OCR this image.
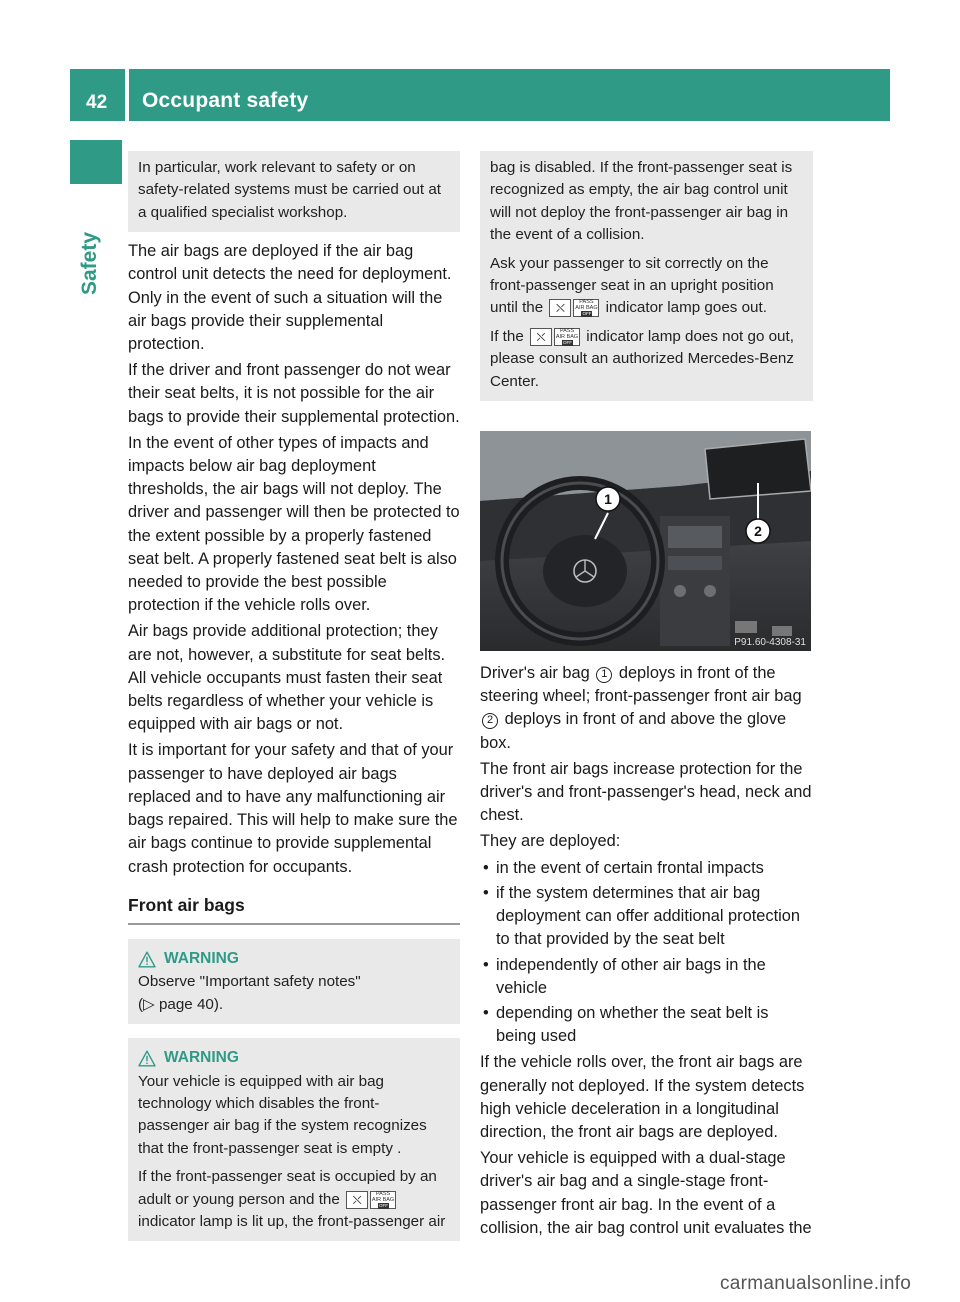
42 Occupant safety
Safety

In particular, work relevant to safety or on safety-related systems must be carried out at a qualified specialist workshop.

The air bags are deployed if the air bag control unit detects the need for deployment. Only in the event of such a situation will the air bags provide their supplemental protection.

If the driver and front passenger do not wear their seat belts, it is not possible for the air bags to provide their supplemental protection.

In the event of other types of impacts and impacts below air bag deployment thresholds, the air bags will not deploy. The driver and passenger will then be protected to the extent possible by a properly fastened seat belt. A properly fastened seat belt is also needed to provide the best possible protection if the vehicle rolls over.

Air bags provide additional protection; they are not, however, a substitute for seat belts. All vehicle occupants must fasten their seat belts regardless of whether your vehicle is equipped with air bags or not.

It is important for your safety and that of your passenger to have deployed air bags replaced and to have any malfunctioning air bags repaired. This will help to make sure the air bags continue to provide supplemental crash protection for occupants.

Front air bags
WARNING

Observe "Important safety notes"
(▷ page 40).

WARNING

Your vehicle is equipped with air bag technology which disables the front-passenger air bag if the system recognizes that the front-passenger seat is empty .

If the front-passenger seat is occupied by an adult or young person and the	⛌	PASS
AIR BAGOFF
indicator lamp is lit up, the front-passenger air

bag is disabled. If the front-passenger seat is recognized as empty, the air bag control unit will not deploy the front-passenger air bag in the event of a collision.

Ask your passenger to sit correctly on the front-passenger seat in an upright position until the	⛌	PASS
AIR BAGOFF indicator lamp goes out.

If the	⛌	PASS
AIR BAGOFF indicator lamp does not go out, please consult an authorized Mercedes-Benz Center.

1
2
P91.60-4308-31

Driver's air bag 1 deploys in front of the steering wheel; front-passenger front air bag 2 deploys in front of and above the glove box.

The front air bags increase protection for the driver's and front-passenger's head, neck and chest.

They are deployed:

• in the event of certain frontal impacts
• if the system determines that air bag deployment can offer additional protection to that provided by the seat belt
• independently of other air bags in the vehicle
• depending on whether the seat belt is being used

If the vehicle rolls over, the front air bags are generally not deployed. If the system detects high vehicle deceleration in a longitudinal direction, the front air bags are deployed.

Your vehicle is equipped with a dual-stage driver's air bag and a single-stage front-passenger front air bag. In the event of a collision, the air bag control unit evaluates the

carmanualsonline.info
